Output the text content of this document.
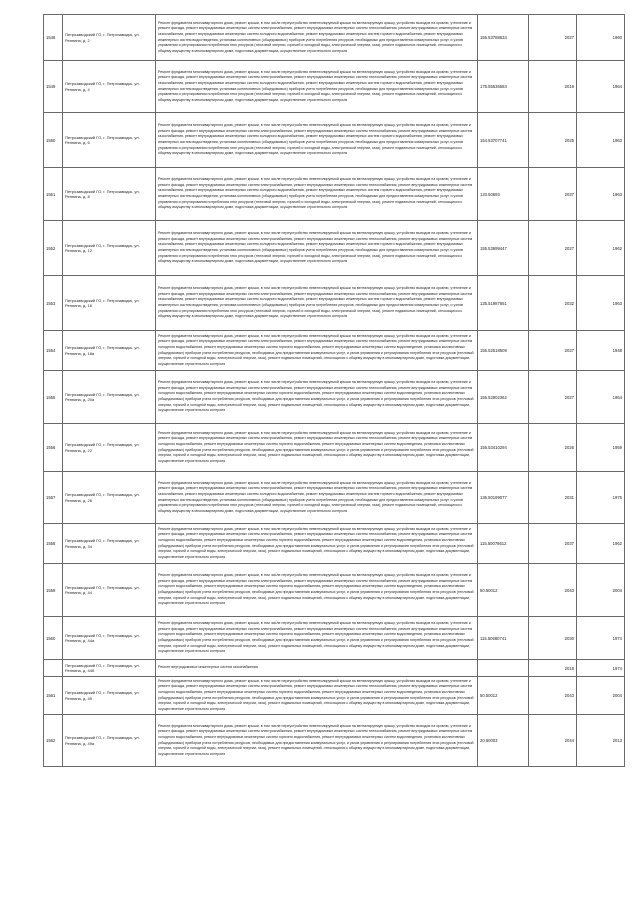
1548	Петрозаводский ГО, г. Петрозаводск, ул. Репнина, д. 2	Ремонт фундамента многоквартирного дома, ремонт крыши, в том числе переустройство невентилируемой крыши на вентилируемую крышу, устройство выходов на кровлю, утепление и ремонт фасада, ремонт внутридомовых инженерных систем электроснабжения, ремонт внутридомовых инженерных систем теплоснабжения, ремонт внутридомовых инженерных систем газоснабжения, ремонт внутридомовых инженерных систем холодного водоснабжения, ремонт внутридомовых инженерных систем горячего водоснабжения, ремонт внутридомовых инженерных систем водоотведения, установка коллективных (общедомовых) приборов учета потребления ресурсов, необходимых для предоставления коммунальных услуг, и узлов управления и регулирования потребления этих ресурсов (тепловой энергии, горячей и холодной воды, электрической энергии, газа), ремонт подвальных помещений, относящихся к общему имуществу в многоквартирном доме, подготовка документации, осуществление строительного контроля	155.53788634	2027	1960
1549	Петрозаводский ГО, г. Петрозаводск, ул. Репнина, д. 4	Ремонт фундамента многоквартирного дома, ремонт крыши, в том числе переустройство невентилируемой крыши на вентилируемую крышу, устройство выходов на кровлю, утепление и ремонт фасада, ремонт внутридомовых инженерных систем электроснабжения, ремонт внутридомовых инженерных систем теплоснабжения, ремонт внутридомовых инженерных систем газоснабжения, ремонт внутридомовых инженерных систем холодного водоснабжения, ремонт внутридомовых инженерных систем горячего водоснабжения, ремонт внутридомовых инженерных систем водоотведения, установка коллективных (общедомовых) приборов учета потребления ресурсов, необходимых для предоставления коммунальных услуг, и узлов управления и регулирования потребления этих ресурсов (тепловой энергии, горячей и холодной воды, электрической энергии, газа), ремонт подвальных помещений, относящихся к общему имуществу в многоквартирном доме, подготовка документации, осуществление строительного контроля	175.55536584	2019	1964
1550	Петрозаводский ГО, г. Петрозаводск, ул. Репнина, д. 6	Ремонт фундамента многоквартирного дома, ремонт крыши, в том числе переустройство невентилируемой крыши на вентилируемую крышу, устройство выходов на кровлю, утепление и ремонт фасада, ремонт внутридомовых инженерных систем электроснабжения, ремонт внутридомовых инженерных систем теплоснабжения, ремонт внутридомовых инженерных систем газоснабжения, ремонт внутридомовых инженерных систем холодного водоснабжения, ремонт внутридомовых инженерных систем горячего водоснабжения, ремонт внутридомовых инженерных систем водоотведения, установка коллективных (общедомовых) приборов учета потребления ресурсов, необходимых для предоставления коммунальных услуг, и узлов управления и регулирования потребления этих ресурсов (тепловой энергии, горячей и холодной воды, электрической энергии, газа), ремонт подвальных помещений, относящихся к общему имуществу в многоквартирном доме, подготовка документации, осуществление строительного контроля	154.53707741	2025	1963
1551	Петрозаводский ГО, г. Петрозаводск, ул. Репнина, д. 8	Ремонт фундамента многоквартирного дома, ремонт крыши, в том числе переустройство невентилируемой крыши на вентилируемую крышу, устройство выходов на кровлю, утепление и ремонт фасада, ремонт внутридомовых инженерных систем электроснабжения, ремонт внутридомовых инженерных систем теплоснабжения, ремонт внутридомовых инженерных систем газоснабжения, ремонт внутридомовых инженерных систем холодного водоснабжения, ремонт внутридомовых инженерных систем горячего водоснабжения, ремонт внутридомовых инженерных систем водоотведения, установка коллективных (общедомовых) приборов учета потребления ресурсов, необходимых для предоставления коммунальных услуг, и узлов управления и регулирования потребления этих ресурсов (тепловой энергии, горячей и холодной воды, электрической энергии, газа), ремонт подвальных помещений, относящихся к общему имуществу в многоквартирном доме, подготовка документации, осуществление строительного контроля	133.50693	2037	1963
1552	Петрозаводский ГО, г. Петрозаводск, ул. Репнина, д. 12	Ремонт фундамента многоквартирного дома, ремонт крыши, в том числе переустройство невентилируемой крыши на вентилируемую крышу, устройство выходов на кровлю, утепление и ремонт фасада, ремонт внутридомовых инженерных систем электроснабжения, ремонт внутридомовых инженерных систем теплоснабжения, ремонт внутридомовых инженерных систем газоснабжения, ремонт внутридомовых инженерных систем холодного водоснабжения, ремонт внутридомовых инженерных систем горячего водоснабжения, ремонт внутридомовых инженерных систем водоотведения, установка коллективных (общедомовых) приборов учета потребления ресурсов, необходимых для предоставления коммунальных услуг, и узлов управления и регулирования потребления этих ресурсов (тепловой энергии, горячей и холодной воды, электрической энергии, газа), ремонт подвальных помещений, относящихся к общему имуществу в многоквартирном доме, подготовка документации, осуществление строительного контроля	155.53699447	2027	1962
1553	Петрозаводский ГО, г. Петрозаводск, ул. Репнина, д. 16	Ремонт фундамента многоквартирного дома, ремонт крыши, в том числе переустройство невентилируемой крыши на вентилируемую крышу, устройство выходов на кровлю, утепление и ремонт фасада, ремонт внутридомовых инженерных систем электроснабжения, ремонт внутридомовых инженерных систем теплоснабжения, ремонт внутридомовых инженерных систем газоснабжения, ремонт внутридомовых инженерных систем холодного водоснабжения, ремонт внутридомовых инженерных систем горячего водоснабжения, ремонт внутридомовых инженерных систем водоотведения, установка коллективных (общедомовых) приборов учета потребления ресурсов, необходимых для предоставления коммунальных услуг, и узлов управления и регулирования потребления этих ресурсов (тепловой энергии, горячей и холодной воды, электрической энергии, газа), ремонт подвальных помещений, относящихся к общему имуществу в многоквартирном доме, подготовка документации, осуществление строительного контроля	135.51987651	2032	1963
1554	Петрозаводский ГО, г. Петрозаводск, ул. Репнина, д. 18а	Ремонт фундамента многоквартирного дома, ремонт крыши, в том числе переустройство невентилируемой крыши на вентилируемую крышу, устройство выходов на кровлю, утепление и ремонт фасада, ремонт внутридомовых инженерных систем электроснабжения, ремонт внутридомовых инженерных систем теплоснабжения, ремонт внутридомовых инженерных систем холодного водоснабжения, ремонт внутридомовых инженерных систем горячего водоснабжения, ремонт внутридомовых инженерных систем водоотведения, установка коллективных (общедомовых) приборов учета потребления ресурсов, необходимых для предоставления коммунальных услуг, и узлов управления и регулирования потребления этих ресурсов (тепловой энергии, горячей и холодной воды, электрической энергии, газа), ремонт подвальных помещений, относящихся к общему имуществу в многоквартирном доме, подготовка документации, осуществление строительного контроля	155.52518509	2027	1948
1555	Петрозаводский ГО, г. Петрозаводск, ул. Репнина, д. 20а	Ремонт фундамента многоквартирного дома, ремонт крыши, в том числе переустройство невентилируемой крыши на вентилируемую крышу, устройство выходов на кровлю, утепление и ремонт фасада, ремонт внутридомовых инженерных систем электроснабжения, ремонт внутридомовых инженерных систем теплоснабжения, ремонт внутридомовых инженерных систем холодного водоснабжения, ремонт внутридомовых инженерных систем горячего водоснабжения, ремонт внутридомовых инженерных систем водоотведения, установка коллективных (общедомовых) приборов учета потребления ресурсов, необходимых для предоставления коммунальных услуг, и узлов управления и регулирования потребления этих ресурсов (тепловой энергии, горячей и холодной воды, электрической энергии, газа), ремонт подвальных помещений, относящихся к общему имуществу в многоквартирном доме, подготовка документации, осуществление строительного контроля	155.52902362	2027	1954
1556	Петрозаводский ГО, г. Петрозаводск, ул. Репнина, д. 22	Ремонт фундамента многоквартирного дома, ремонт крыши, в том числе переустройство невентилируемой крыши на вентилируемую крышу, устройство выходов на кровлю, утепление и ремонт фасада, ремонт внутридомовых инженерных систем электроснабжения, ремонт внутридомовых инженерных систем теплоснабжения, ремонт внутридомовых инженерных систем холодного водоснабжения, ремонт внутридомовых инженерных систем горячего водоснабжения, ремонт внутридомовых инженерных систем водоотведения, установка коллективных (общедомовых) приборов учета потребления ресурсов, необходимых для предоставления коммунальных услуг, и узлов управления и регулирования потребления этих ресурсов (тепловой энергии, горячей и холодной воды, электрической энергии, газа), ремонт подвальных помещений, относящихся к общему имуществу в многоквартирном доме, подготовка документации, осуществление строительного контроля	155.53410294	2026	1959
1557	Петрозаводский ГО, г. Петрозаводск, ул. Репнина, д. 26	Ремонт фундамента многоквартирного дома, ремонт крыши, в том числе переустройство невентилируемой крыши на вентилируемую крышу, устройство выходов на кровлю, утепление и ремонт фасада, ремонт внутридомовых инженерных систем электроснабжения, ремонт внутридомовых инженерных систем теплоснабжения, ремонт внутридомовых инженерных систем газоснабжения, ремонт внутридомовых инженерных систем холодного водоснабжения, ремонт внутридомовых инженерных систем горячего водоснабжения, ремонт внутридомовых инженерных систем водоотведения, установка коллективных (общедомовых) приборов учета потребления ресурсов, необходимых для предоставления коммунальных услуг, и узлов управления и регулирования потребления этих ресурсов (тепловой энергии, горячей и холодной воды, электрической энергии, газа), ремонт подвальных помещений, относящихся к общему имуществу в многоквартирном доме, подготовка документации, осуществление строительного контроля	136.50199077	2031	1975
1558	Петрозаводский ГО, г. Петрозаводск, ул. Репнина, д. 34	Ремонт фундамента многоквартирного дома, ремонт крыши, в том числе переустройство невентилируемой крыши на вентилируемую крышу, устройство выходов на кровлю, утепление и ремонт фасада, ремонт внутридомовых инженерных систем электроснабжения, ремонт внутридомовых инженерных систем теплоснабжения, ремонт внутридомовых инженерных систем холодного водоснабжения, ремонт внутридомовых инженерных систем горячего водоснабжения, ремонт внутридомовых инженерных систем водоотведения, установка коллективных (общедомовых) приборов учета потребления ресурсов, необходимых для предоставления коммунальных услуг, и узлов управления и регулирования потребления этих ресурсов (тепловой энергии, горячей и холодной воды, электрической энергии, газа), ремонт подвальных помещений, относящихся к общему имуществу в многоквартирном доме, подготовка документации, осуществление строительного контроля	115.50078612	2037	1962
1559	Петрозаводский ГО, г. Петрозаводск, ул. Репнина, д. 44	Ремонт фундамента многоквартирного дома, ремонт крыши, в том числе переустройство невентилируемой крыши на вентилируемую крышу, устройство выходов на кровлю, утепление и ремонт фасада, ремонт внутридомовых инженерных систем электроснабжения, ремонт внутридомовых инженерных систем теплоснабжения, ремонт внутридомовых инженерных систем холодного водоснабжения, ремонт внутридомовых инженерных систем горячего водоснабжения, ремонт внутридомовых инженерных систем водоотведения, установка коллективных (общедомовых) приборов учета потребления ресурсов, необходимых для предоставления коммунальных услуг, и узлов управления и регулирования потребления этих ресурсов (тепловой энергии, горячей и холодной воды, электрической энергии, газа), ремонт подвальных помещений, относящихся к общему имуществу в многоквартирном доме, подготовка документации, осуществление строительного контроля	50.50012	2043	2004
1560	Петрозаводский ГО, г. Петрозаводск, ул. Репнина, д. 44а	Ремонт фундамента многоквартирного дома, ремонт крыши, в том числе переустройство невентилируемой крыши на вентилируемую крышу, устройство выходов на кровлю, утепление и ремонт фасада, ремонт внутридомовых инженерных систем электроснабжения, ремонт внутридомовых инженерных систем теплоснабжения, ремонт внутридомовых инженерных систем холодного водоснабжения, ремонт внутридомовых инженерных систем горячего водоснабжения, ремонт внутридомовых инженерных систем водоотведения, установка коллективных (общедомовых) приборов учета потребления ресурсов, необходимых для предоставления коммунальных услуг, и узлов управления и регулирования потребления этих ресурсов (тепловой энергии, горячей и холодной воды, электрической энергии, газа), ремонт подвальных помещений, относящихся к общему имуществу в многоквартирном доме, подготовка документации, осуществление строительного контроля	115.50680741	2030	1974
	Петрозаводский ГО, г. Петрозаводск, ул. Репнина, д. 44б	Ремонт внутридомовых инженерных систем газоснабжения		2018	1974
1561	Петрозаводский ГО, г. Петрозаводск, ул. Репнина, д. 49	Ремонт фундамента многоквартирного дома, ремонт крыши, в том числе переустройство невентилируемой крыши на вентилируемую крышу, устройство выходов на кровлю, утепление и ремонт фасада, ремонт внутридомовых инженерных систем электроснабжения, ремонт внутридомовых инженерных систем теплоснабжения, ремонт внутридомовых инженерных систем холодного водоснабжения, ремонт внутридомовых инженерных систем горячего водоснабжения, ремонт внутридомовых инженерных систем водоотведения, установка коллективных (общедомовых) приборов учета потребления ресурсов, необходимых для предоставления коммунальных услуг, и узлов управления и регулирования потребления этих ресурсов (тепловой энергии, горячей и холодной воды, электрической энергии, газа), ремонт подвальных помещений, относящихся к общему имуществу в многоквартирном доме, подготовка документации, осуществление строительного контроля	50.50012	2043	2004
1562	Петрозаводский ГО, г. Петрозаводск, ул. Репнина, д. 49а	Ремонт фундамента многоквартирного дома, ремонт крыши, в том числе переустройство невентилируемой крыши на вентилируемую крышу, устройство выходов на кровлю, утепление и ремонт фасада, ремонт внутридомовых инженерных систем электроснабжения, ремонт внутридомовых инженерных систем теплоснабжения, ремонт внутридомовых инженерных систем холодного водоснабжения, ремонт внутридомовых инженерных систем горячего водоснабжения, ремонт внутридомовых инженерных систем водоотведения, установка коллективных (общедомовых) приборов учета потребления ресурсов, необходимых для предоставления коммунальных услуг, и узлов управления и регулирования потребления этих ресурсов (тепловой энергии, горячей и холодной воды, электрической энергии, газа), ремонт подвальных помещений, относящихся к общему имуществу в многоквартирном доме, подготовка документации, осуществление строительного контроля	20.50003	2044	2013
